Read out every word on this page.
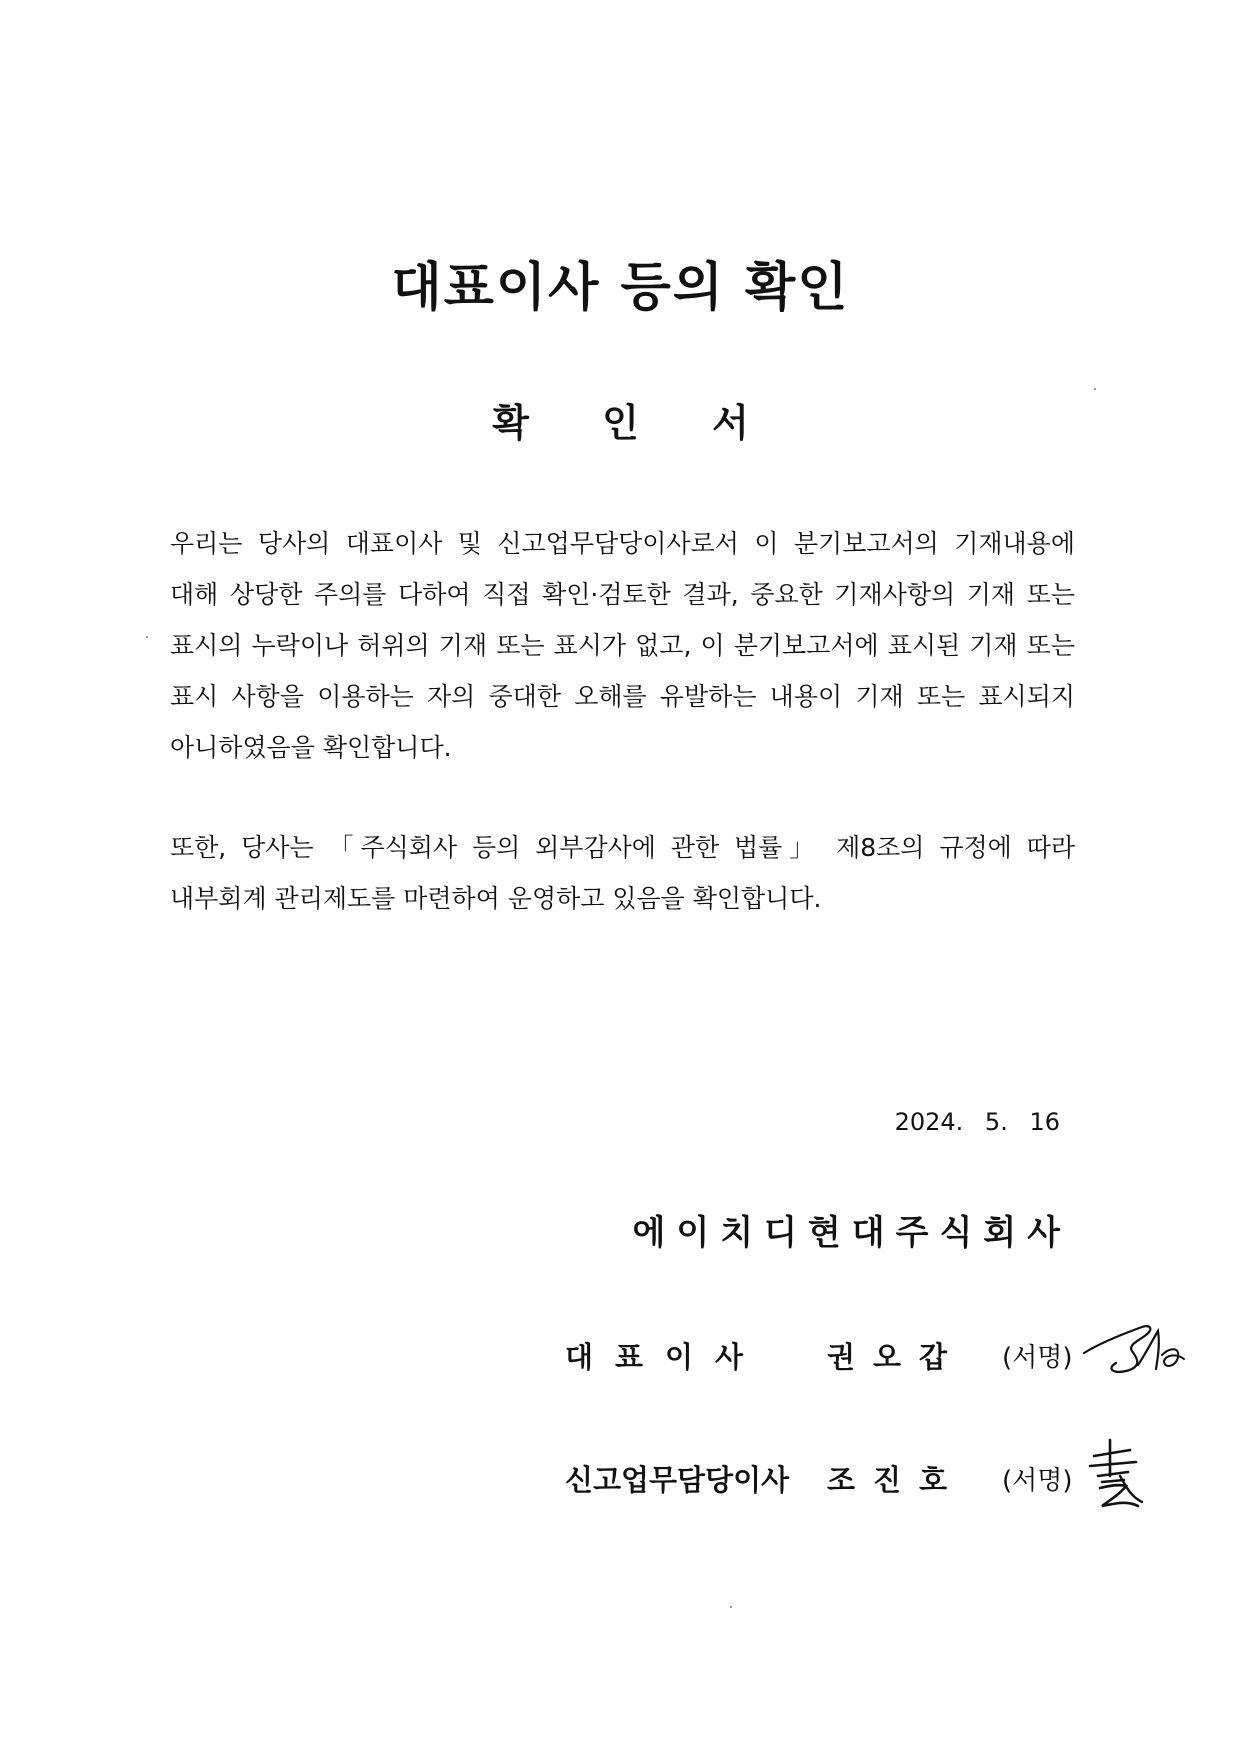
대표이사 등의 확인
확 인 서

우리는 당사의 대표이사 및 신고업무담당이사로서 이 분기보고서의 기재내용에 대해 상당한 주의를 다하여 직접 확인·검토한 결과, 중요한 기재사항의 기재 또는 표시의 누락이나 허위의 기재 또는 표시가 없고, 이 분기보고서에 표시된 기재 또는 표시 사항을 이용하는 자의 중대한 오해를 유발하는 내용이 기재 또는 표시되지 아니하였음을 확인합니다.

또한, 당사는 「주식회사 등의 외부감사에 관한 법률」 제8조의 규정에 따라 내부회계 관리제도를 마련하여 운영하고 있음을 확인합니다.

2024. 5. 16
에이치디현대주식회사
대표이사 권오갑 (서명)
신고업무담당이사 조진호 (서명)
